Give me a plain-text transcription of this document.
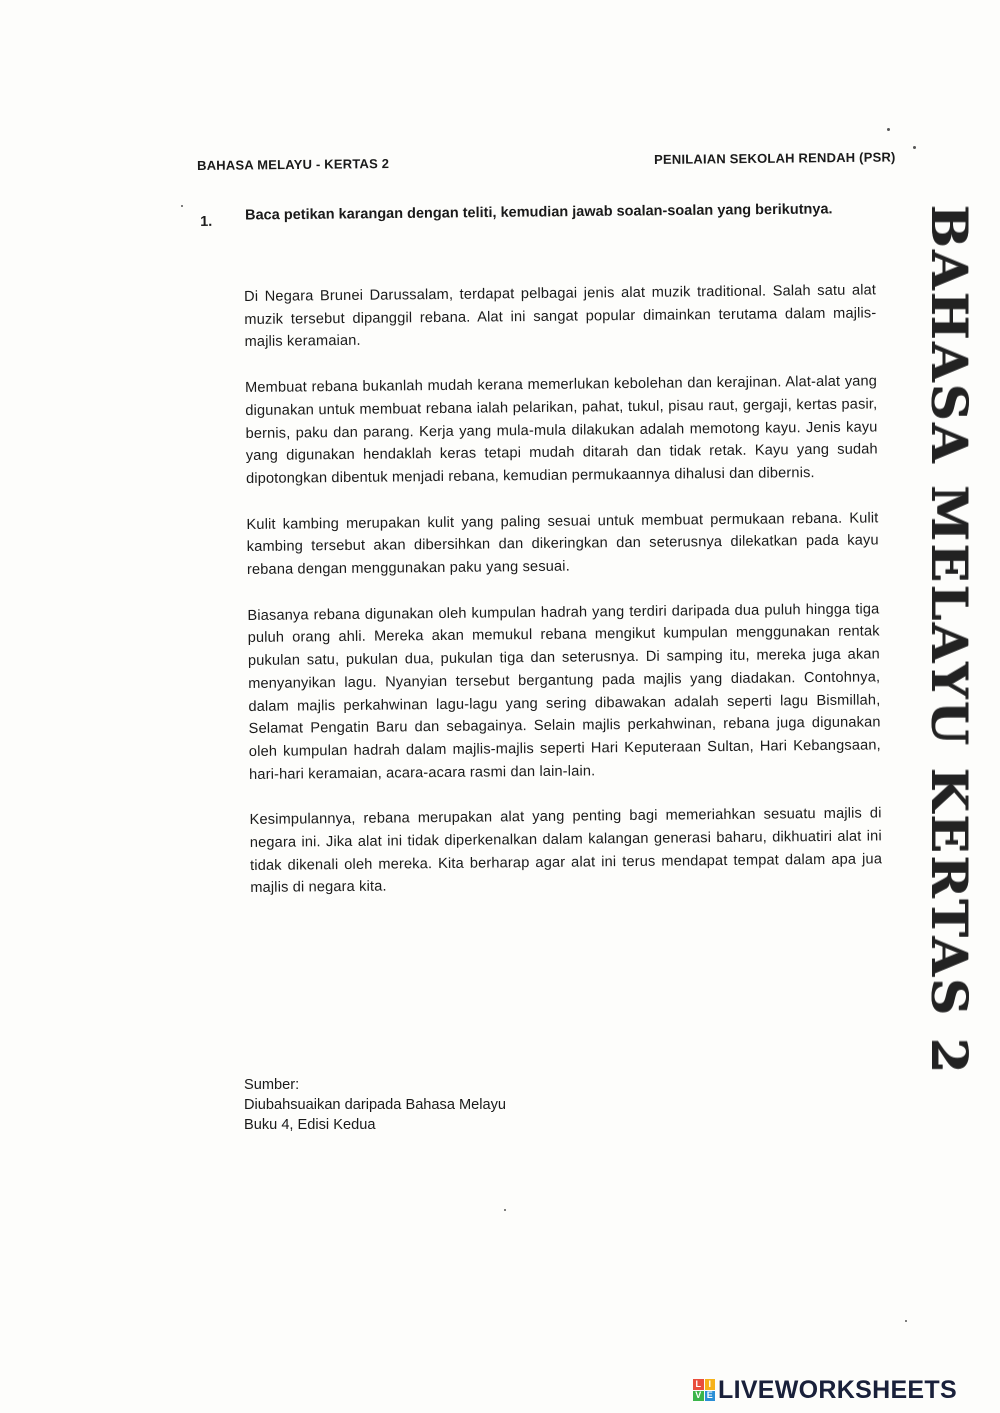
BAHASA MELAYU - KERTAS 2	PENILAIAN SEKOLAH RENDAH (PSR)
1. Baca petikan karangan dengan teliti, kemudian jawab soalan-soalan yang berikutnya.

Di Negara Brunei Darussalam, terdapat pelbagai jenis alat muzik traditional. Salah satu alat muzik tersebut dipanggil rebana. Alat ini sangat popular dimainkan terutama dalam majlis-majlis keramaian.

Membuat rebana bukanlah mudah kerana memerlukan kebolehan dan kerajinan. Alat-alat yang digunakan untuk membuat rebana ialah pelarikan, pahat, tukul, pisau raut, gergaji, kertas pasir, bernis, paku dan parang. Kerja yang mula-mula dilakukan adalah memotong kayu. Jenis kayu yang digunakan hendaklah keras tetapi mudah ditarah dan tidak retak. Kayu yang sudah dipotongkan dibentuk menjadi rebana, kemudian permukaannya dihalusi dan dibernis.

Kulit kambing merupakan kulit yang paling sesuai untuk membuat permukaan rebana. Kulit kambing tersebut akan dibersihkan dan dikeringkan dan seterusnya dilekatkan pada kayu rebana dengan menggunakan paku yang sesuai.

Biasanya rebana digunakan oleh kumpulan hadrah yang terdiri daripada dua puluh hingga tiga puluh orang ahli. Mereka akan memukul rebana mengikut kumpulan menggunakan rentak pukulan satu, pukulan dua, pukulan tiga dan seterusnya. Di samping itu, mereka juga akan menyanyikan lagu. Nyanyian tersebut bergantung pada majlis yang diadakan. Contohnya, dalam majlis perkahwinan lagu-lagu yang sering dibawakan adalah seperti lagu Bismillah, Selamat Pengatin Baru dan sebagainya. Selain majlis perkahwinan, rebana juga digunakan oleh kumpulan hadrah dalam majlis-majlis seperti Hari Keputeraan Sultan, Hari Kebangsaan, hari-hari keramaian, acara-acara rasmi dan lain-lain.

Kesimpulannya, rebana merupakan alat yang penting bagi memeriahkan sesuatu majlis di negara ini. Jika alat ini tidak diperkenalkan dalam kalangan generasi baharu, dikhuatiri alat ini tidak dikenali oleh mereka. Kita berharap agar alat ini terus mendapat tempat dalam apa jua majlis di negara kita.

Sumber:
Diubahsuaikan daripada Bahasa Melayu
Buku 4, Edisi Kedua
BAHASA MELAYU KERTAS 2
L I
V E LIVEWORKSHEETS
